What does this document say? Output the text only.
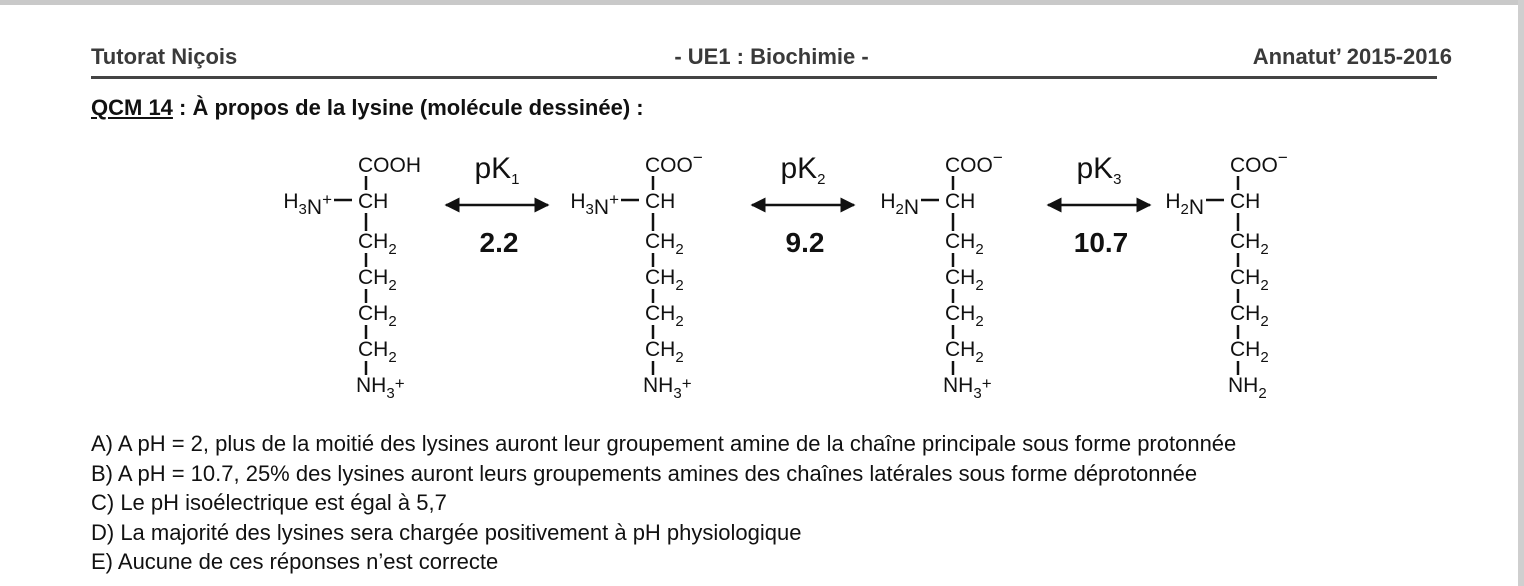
Tutorat Niçois	- UE1 : Biochimie -	Annatut’ 2015-2016
QCM 14 : À propos de la lysine (molécule dessinée) :
COOH
CH
$H_3N^+$
$CH_2$
$CH_2$
$CH_2$
$CH_2$
$NH_3^+$
COO−
CH
$H_3N^+$
$CH_2$
$CH_2$
$CH_2$
$CH_2$
$NH_3^+$
COO−
CH
$H_2N$
$CH_2$
$CH_2$
$CH_2$
$CH_2$
$NH_3^+$
COO−
CH
$H_2N$
$CH_2$
$CH_2$
$CH_2$
$CH_2$
$NH_2$
$pK_1$
2.2
$pK_2$
9.2
$pK_3$
10.7
A) A pH = 2, plus de la moitié des lysines auront leur groupement amine de la chaîne principale sous forme protonnée
B) A pH = 10.7, 25% des lysines auront leurs groupements amines des chaînes latérales sous forme déprotonnée
C) Le pH isoélectrique est égal à 5,7
D) La majorité des lysines sera chargée positivement à pH physiologique
E) Aucune de ces réponses n’est correcte
